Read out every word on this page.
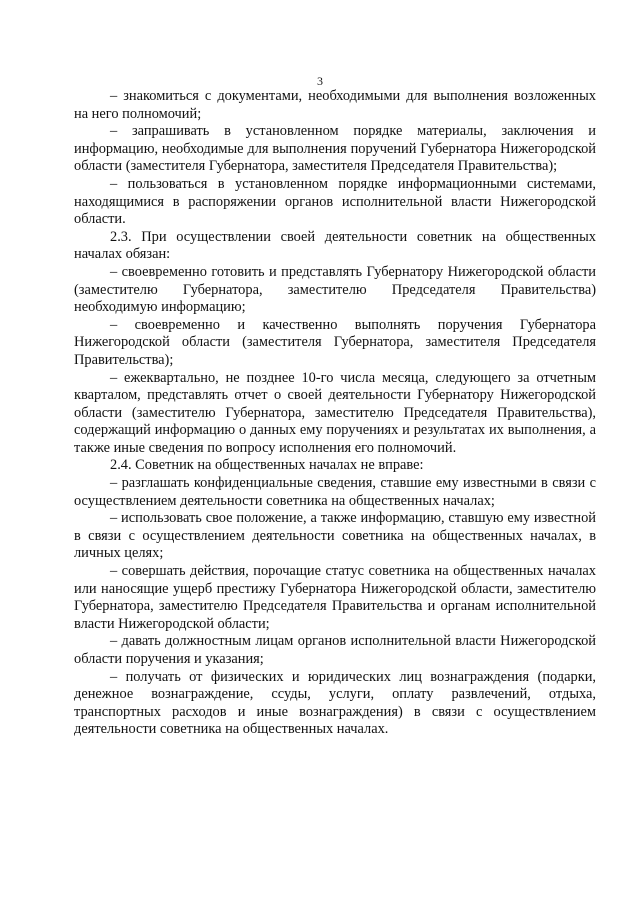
3

– знакомиться с документами, необходимыми для выполнения возложенных на него полномочий;

– запрашивать в установленном порядке материалы, заключения и информацию, необходимые для выполнения поручений Губернатора Нижегородской области (заместителя Губернатора, заместителя Председателя Правительства);

– пользоваться в установленном порядке информационными системами, находящимися в распоряжении органов исполнительной власти Нижегородской области.

2.3. При осуществлении своей деятельности советник на общественных началах обязан:

– своевременно готовить и представлять Губернатору Нижегородской области (заместителю Губернатора, заместителю Председателя Правительства) необходимую информацию;

– своевременно и качественно выполнять поручения Губернатора Нижегородской области (заместителя Губернатора, заместителя Председателя Правительства);

– ежеквартально, не позднее 10-го числа месяца, следующего за отчетным кварталом, представлять отчет о своей деятельности Губернатору Нижегородской области (заместителю Губернатора, заместителю Председателя Правительства), содержащий информацию о данных ему поручениях и результатах их выполнения, а также иные сведения по вопросу исполнения его полномочий.

2.4. Советник на общественных началах не вправе:

– разглашать конфиденциальные сведения, ставшие ему известными в связи с осуществлением деятельности советника на общественных началах;

– использовать свое положение, а также информацию, ставшую ему известной в связи с осуществлением деятельности советника на общественных началах, в личных целях;

– совершать действия, порочащие статус советника на общественных началах или наносящие ущерб престижу Губернатора Нижегородской области, заместителю Губернатора, заместителю Председателя Правительства и органам исполнительной власти Нижегородской области;

– давать должностным лицам органов исполнительной власти Нижегородской области поручения и указания;

– получать от физических и юридических лиц вознаграждения (подарки, денежное вознаграждение, ссуды, услуги, оплату развлечений, отдыха, транспортных расходов и иные вознаграждения) в связи с осуществлением деятельности советника на общественных началах.
